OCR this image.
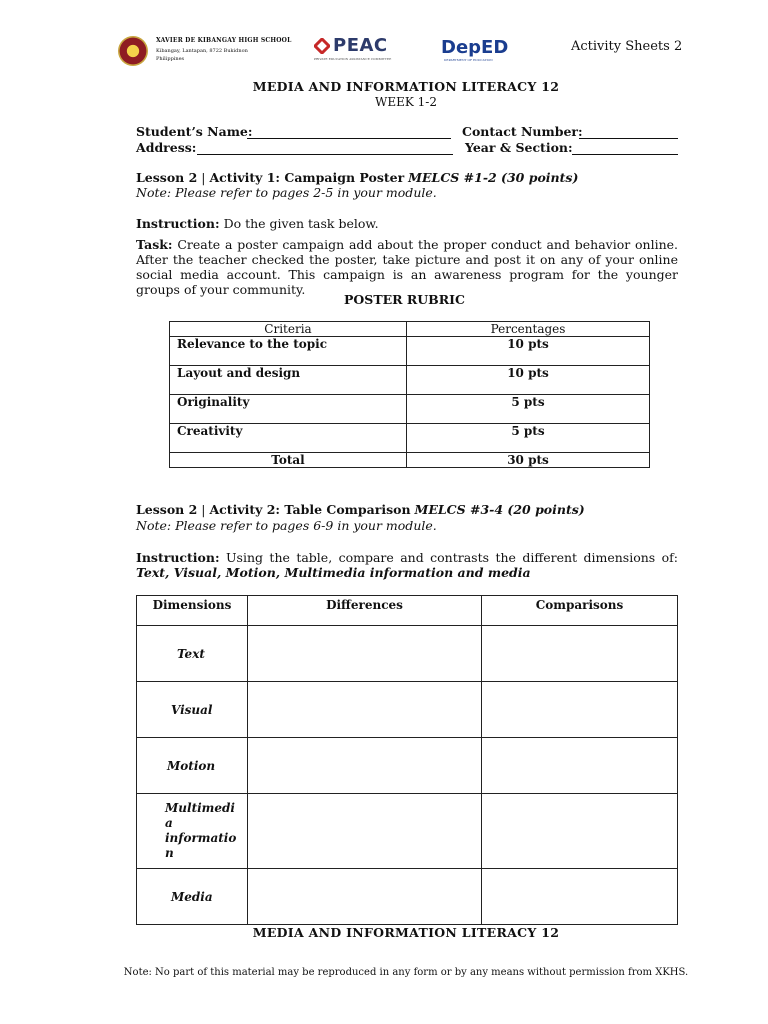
XAVIER DE KIBANGAY HIGH SCHOOL
Kibangay, Lantapan, 8722 Bukidnon
Philippines
PEAC
PRIVATE EDUCATION ASSISTANCE COMMITTEE
DepED
DEPARTMENT OF EDUCATION
Activity Sheets 2
MEDIA AND INFORMATION LITERACY 12
WEEK 1-2
Student’s Name:	Contact Number:
Address:	Year & Section:
Lesson 2 | Activity 1: Campaign Poster MELCS #1-2 (30 points)
Note: Please refer to pages 2-5 in your module.
Instruction: Do the given task below.
Task: Create a poster campaign add about the proper conduct and behavior online. After the teacher checked the poster, take picture and post it on any of your online social media account. This campaign is an awareness program for the younger groups of your community.
POSTER RUBRIC
Criteria	Percentages
Relevance to the topic	10 pts
Layout and design	10 pts
Originality	5 pts
Creativity	5 pts
Total	30 pts
Lesson 2 | Activity 2: Table Comparison MELCS #3-4 (20 points)
Note: Please refer to pages 6-9 in your module.
Instruction: Using the table, compare and contrasts the different dimensions of: Text, Visual, Motion, Multimedia information and media
Dimensions	Differences	Comparisons
Text		
Visual		
Motion		
Multimedia informatio n		
Media		
MEDIA AND INFORMATION LITERACY 12
Note: No part of this material may be reproduced in any form or by any means without permission from XKHS.
